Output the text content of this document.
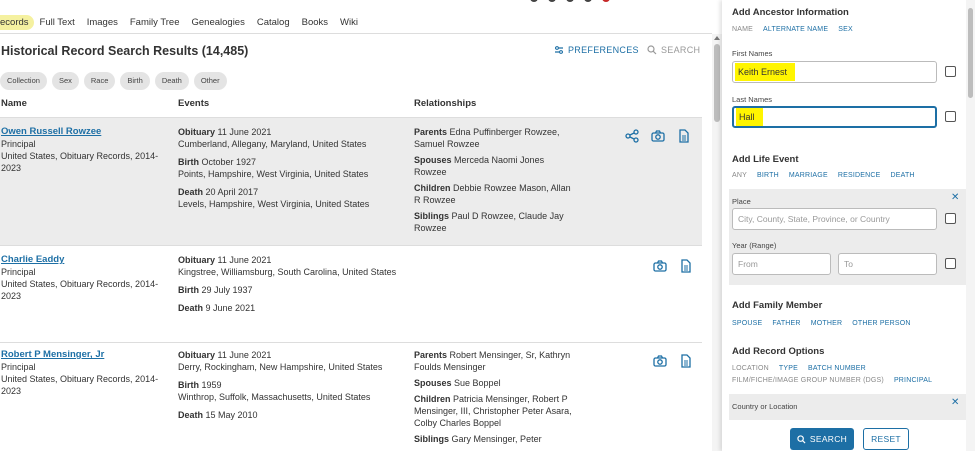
ecords	Full Text	Images	Family Tree	Genealogies	Catalog	Books	Wiki
Historical Record Search Results (14,485)	PREFERENCES SEARCH
Collection	Sex	Race	Birth	Death	Other
Name	Events	Relationships
Owen Russell Rowzee
Principal
United States, Obituary Records, 2014-2023
Obituary 11 June 2021
Cumberland, Allegany, Maryland, United States
Birth October 1927
Points, Hampshire, West Virginia, United States
Death 20 April 2017
Levels, Hampshire, West Virginia, United States
Parents Edna Puffinberger Rowzee, Samuel Rowzee
Spouses Merceda Naomi Jones Rowzee
Children Debbie Rowzee Mason, Allan R Rowzee
Siblings Paul D Rowzee, Claude Jay Rowzee
Charlie Eaddy
Principal
United States, Obituary Records, 2014-2023
Obituary 11 June 2021
Kingstree, Williamsburg, South Carolina, United States
Birth 29 July 1937
Death 9 June 2021
Robert P Mensinger, Jr
Principal
United States, Obituary Records, 2014-2023
Obituary 11 June 2021
Derry, Rockingham, New Hampshire, United States
Birth 1959
Winthrop, Suffolk, Massachusetts, United States
Death 15 May 2010
Parents Robert Mensinger, Sr, Kathryn Foulds Mensinger
Spouses Sue Boppel
Children Patricia Mensinger, Robert P Mensinger, III, Christopher Peter Asara, Colby Charles Boppel
Siblings Gary Mensinger, Peter
Add Ancestor Information
NAME ALTERNATE NAME SEX
First Names
Keith Ernest
Last Names
Hall
Add Life Event
ANY BIRTH MARRIAGE RESIDENCE DEATH
✕
Place
City, County, State, Province, or Country
Year (Range)
From	To
Add Family Member
SPOUSE FATHER MOTHER OTHER PERSON
Add Record Options
LOCATION TYPE BATCH NUMBER
FILM/FICHE/IMAGE GROUP NUMBER (DGS) PRINCIPAL
✕
Country or Location
SEARCH	RESET
